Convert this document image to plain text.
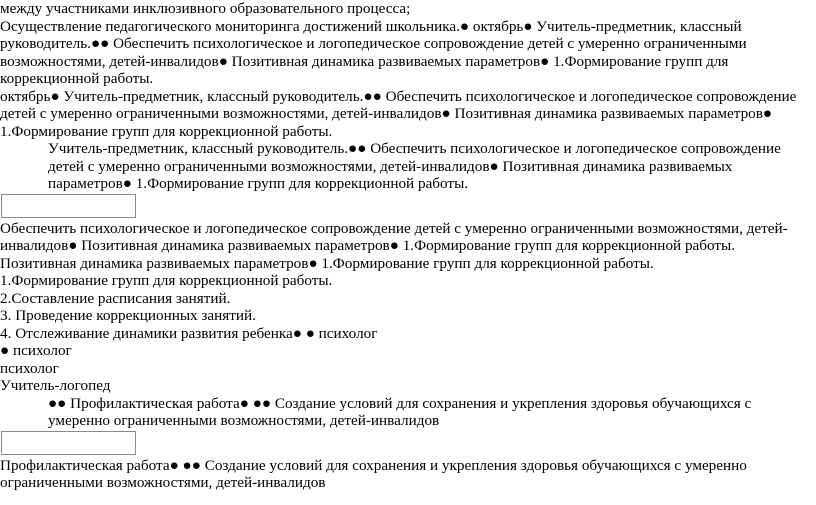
между участниками инклюзивного образовательного процесса;

Осуществление педагогического мониторинга достижений школьника.● октябрь● Учитель-предметник, классный руководитель.●● Обеспечить психологическое и логопедическое сопровождение детей с умеренно ограниченными возможностями, детей-инвалидов● Позитивная динамика развиваемых параметров● 1.Формирование групп для коррекционной работы.

октябрь● Учитель-предметник, классный руководитель.●● Обеспечить психологическое и логопедическое сопровождение детей с умеренно ограниченными возможностями, детей-инвалидов● Позитивная динамика развиваемых параметров● 1.Формирование групп для коррекционной работы.

Учитель-предметник, классный руководитель.●● Обеспечить психологическое и логопедическое сопровождение детей с умеренно ограниченными возможностями, детей-инвалидов● Позитивная динамика развиваемых параметров● 1.Формирование групп для коррекционной работы.

Обеспечить психологическое и логопедическое сопровождение детей с умеренно ограниченными возможностями, детей-инвалидов● Позитивная динамика развиваемых параметров● 1.Формирование групп для коррекционной работы.

Позитивная динамика развиваемых параметров● 1.Формирование групп для коррекционной работы.

1.Формирование групп для коррекционной работы.

2.Составление расписания занятий.

3. Проведение коррекционных занятий.

4. Отслеживание динамики развития ребенка● ● психолог

● психолог

психолог

Учитель-логопед

●● Профилактическая работа● ●● Создание условий для сохранения и укрепления здоровья обучающихся с умеренно ограниченными возможностями, детей-инвалидов

Профилактическая работа● ●● Создание условий для сохранения и укрепления здоровья обучающихся с умеренно ограниченными возможностями, детей-инвалидов
